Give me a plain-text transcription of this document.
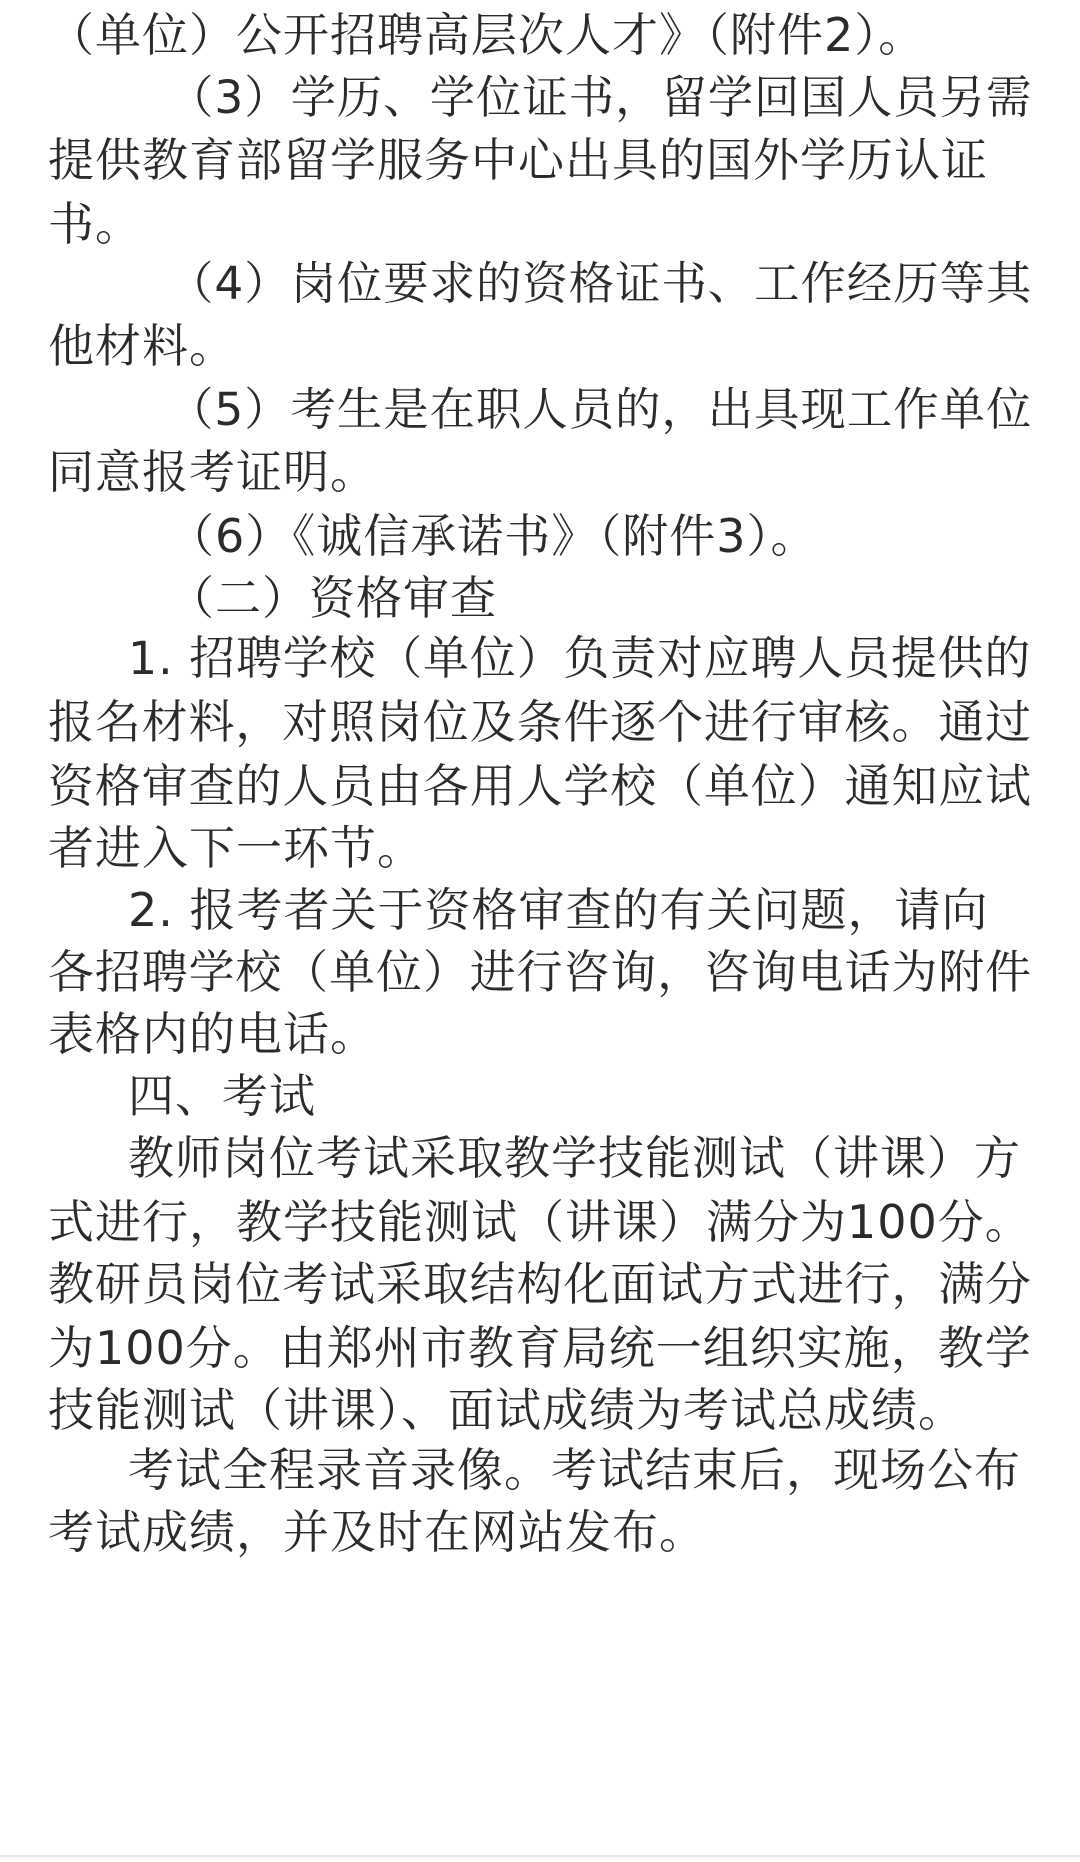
（单位）公开招聘高层次人才》（附件2）。
（3）学历、学位证书，留学回国人员另需
提供教育部留学服务中心出具的国外学历认证
书。
（4）岗位要求的资格证书、工作经历等其
他材料。
（5）考生是在职人员的，出具现工作单位
同意报考证明。
（6）《诚信承诺书》（附件3）。
（二）资格审查
1. 招聘学校（单位）负责对应聘人员提供的
报名材料，对照岗位及条件逐个进行审核。通过
资格审查的人员由各用人学校（单位）通知应试
者进入下一环节。
2. 报考者关于资格审查的有关问题，请向
各招聘学校（单位）进行咨询，咨询电话为附件
表格内的电话。
四、考试
教师岗位考试采取教学技能测试（讲课）方
式进行，教学技能测试（讲课）满分为100分。
教研员岗位考试采取结构化面试方式进行，满分
为100分。由郑州市教育局统一组织实施，教学
技能测试（讲课）、面试成绩为考试总成绩。
考试全程录音录像。考试结束后，现场公布
考试成绩，并及时在网站发布。
